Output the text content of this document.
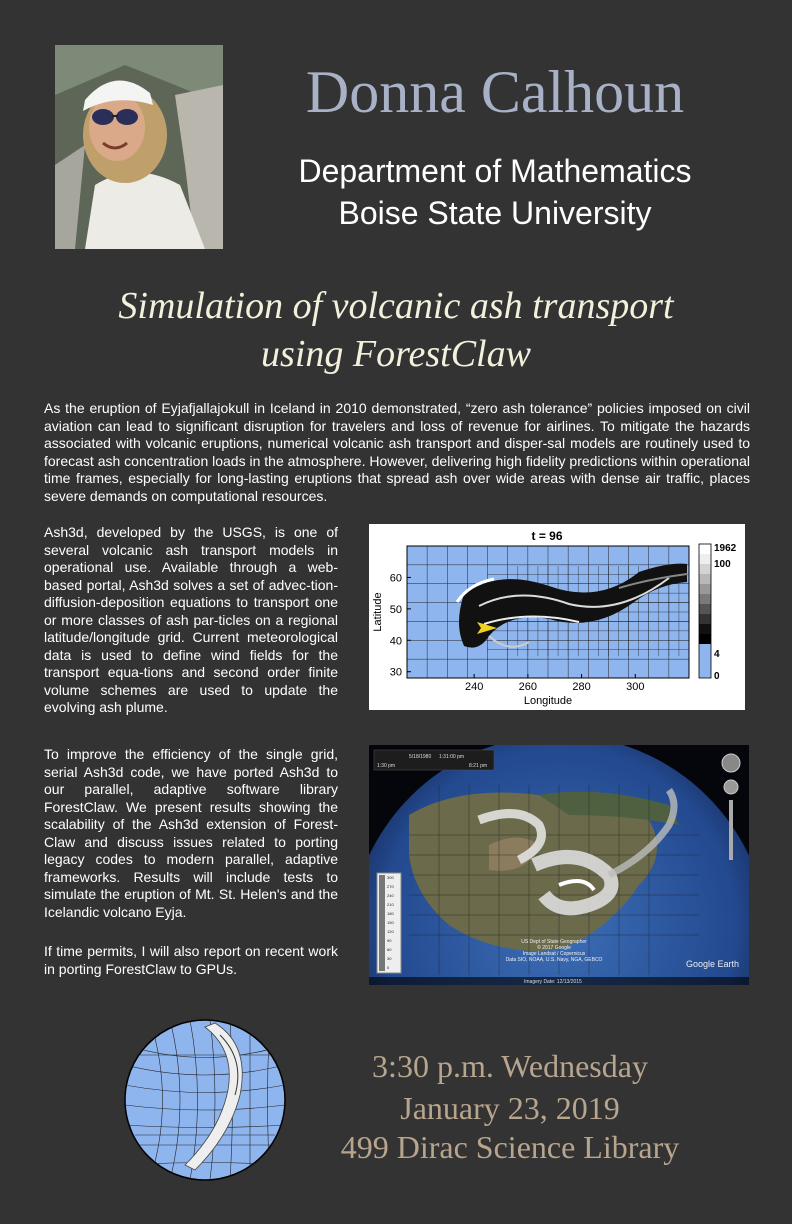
Donna Calhoun
Department of Mathematics
Boise State University
Simulation of volcanic ash transport
using ForestClaw
As the eruption of Eyjafjallajokull in Iceland in 2010 demonstrated, “zero ash tolerance” policies imposed on civil aviation can lead to significant disruption for travelers and loss of revenue for airlines. To mitigate the hazards associated with volcanic eruptions, numerical volcanic ash transport and disper-sal models are routinely used to forecast ash concentration loads in the atmosphere. However, delivering high fidelity predictions within operational time frames, especially for long-lasting eruptions that spread ash over wide areas with dense air traffic, places severe demands on computational resources.
Ash3d, developed by the USGS, is one of several volcanic ash transport models in operational use. Available through a web-based portal, Ash3d solves a set of advec-tion-diffusion-deposition equations to transport one or more classes of ash par-ticles on a regional latitude/longitude grid. Current meteorological data is used to define wind fields for the transport equa-tions and second order finite volume schemes are used to update the evolving ash plume.
To improve the efficiency of the single grid, serial Ash3d code, we have ported Ash3d to our parallel, adaptive software library ForestClaw. We present results showing the scalability of the Ash3d extension of Forest-Claw and discuss issues related to porting legacy codes to modern parallel, adaptive frameworks. Results will include tests to simulate the eruption of Mt. St. Helen's and the Icelandic volcano Eyja.
If time permits, I will also report on recent work in porting ForestClaw to GPUs.
t = 96
240	260	280	300
30
40
50
60
Longitude
Latitude
1962
100
4
0
5/18/1980 1:31:00 pm
1:30 pm	8:21 pm
300
270
240
210
180
150
120
90
60
30
0
US Dept of State Geographer
© 2017 Google
Image Landsat / Copernicus
Data SIO, NOAA, U.S. Navy, NGA, GEBCO	Google Earth
Imagery Date: 12/13/2015
3:30 p.m. Wednesday
January 23, 2019
499 Dirac Science Library
